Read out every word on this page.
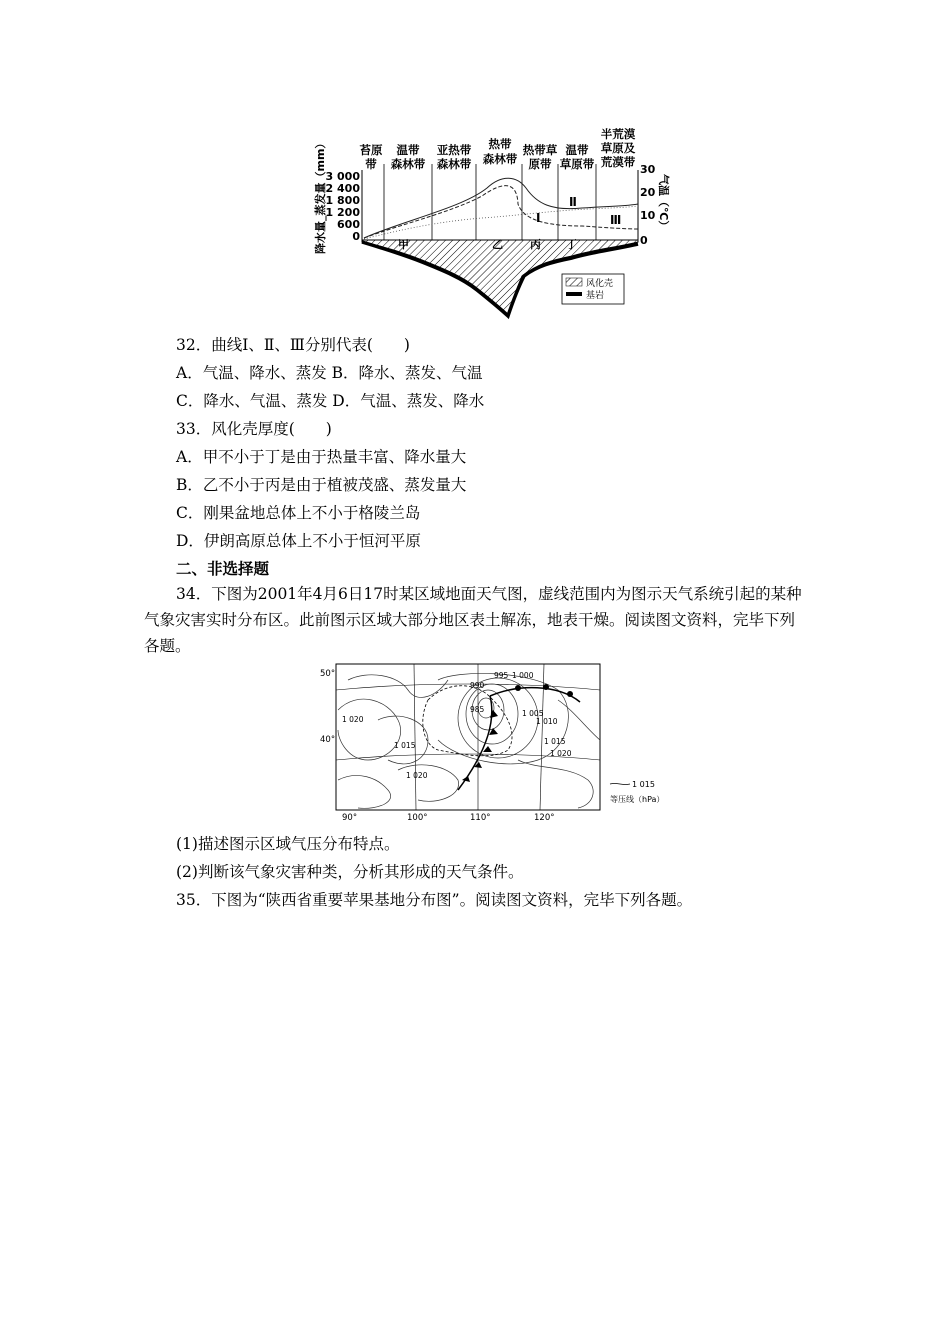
苔原
带
温带
森林带
亚热带
森林带
热带
森林带
热带草
原带
温带
草原带
半荒漠
草原及
荒漠带
降水量_蒸发量（mm）
3 000
2 400
1 800
1 200
600
0
30
20
10
0
气温（℃）
Ⅰ
Ⅱ
Ⅲ
甲	乙 丙 丁
风化壳
基岩
32．曲线Ⅰ、Ⅱ、Ⅲ分别代表(　　)
A．气温、降水、蒸发 B．降水、蒸发、气温
C．降水、气温、蒸发 D．气温、蒸发、降水
33．风化壳厚度(　　)
A．甲不小于丁是由于热量丰富、降水量大
B．乙不小于丙是由于植被茂盛、蒸发量大
C．刚果盆地总体上不小于格陵兰岛
D．伊朗高原总体上不小于恒河平原
二、非选择题
34．下图为2001年4月6日17时某区域地面天气图，虚线范围内为图示天气系统引起的某种气象灾害实时分布区。此前图示区域大部分地区表土解冻，地表干燥。阅读图文资料，完毕下列各题。
50°
40°
90°	100°	110°	120°
985
990
995 1 000
1 005
1 010
1 015
1 020
1 015
1 020
1 020
1 015
等压线（hPa）
(1)描述图示区域气压分布特点。
(2)判断该气象灾害种类，分析其形成的天气条件。
35．下图为“陕西省重要苹果基地分布图”。阅读图文资料，完毕下列各题。
